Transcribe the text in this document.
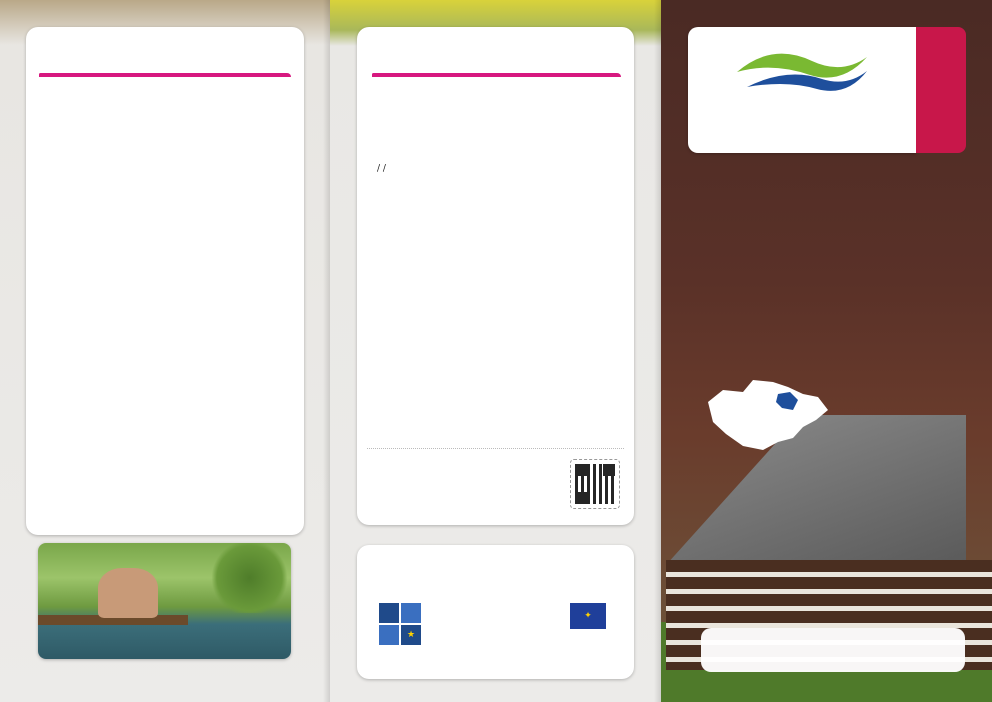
/ /
★
✦
